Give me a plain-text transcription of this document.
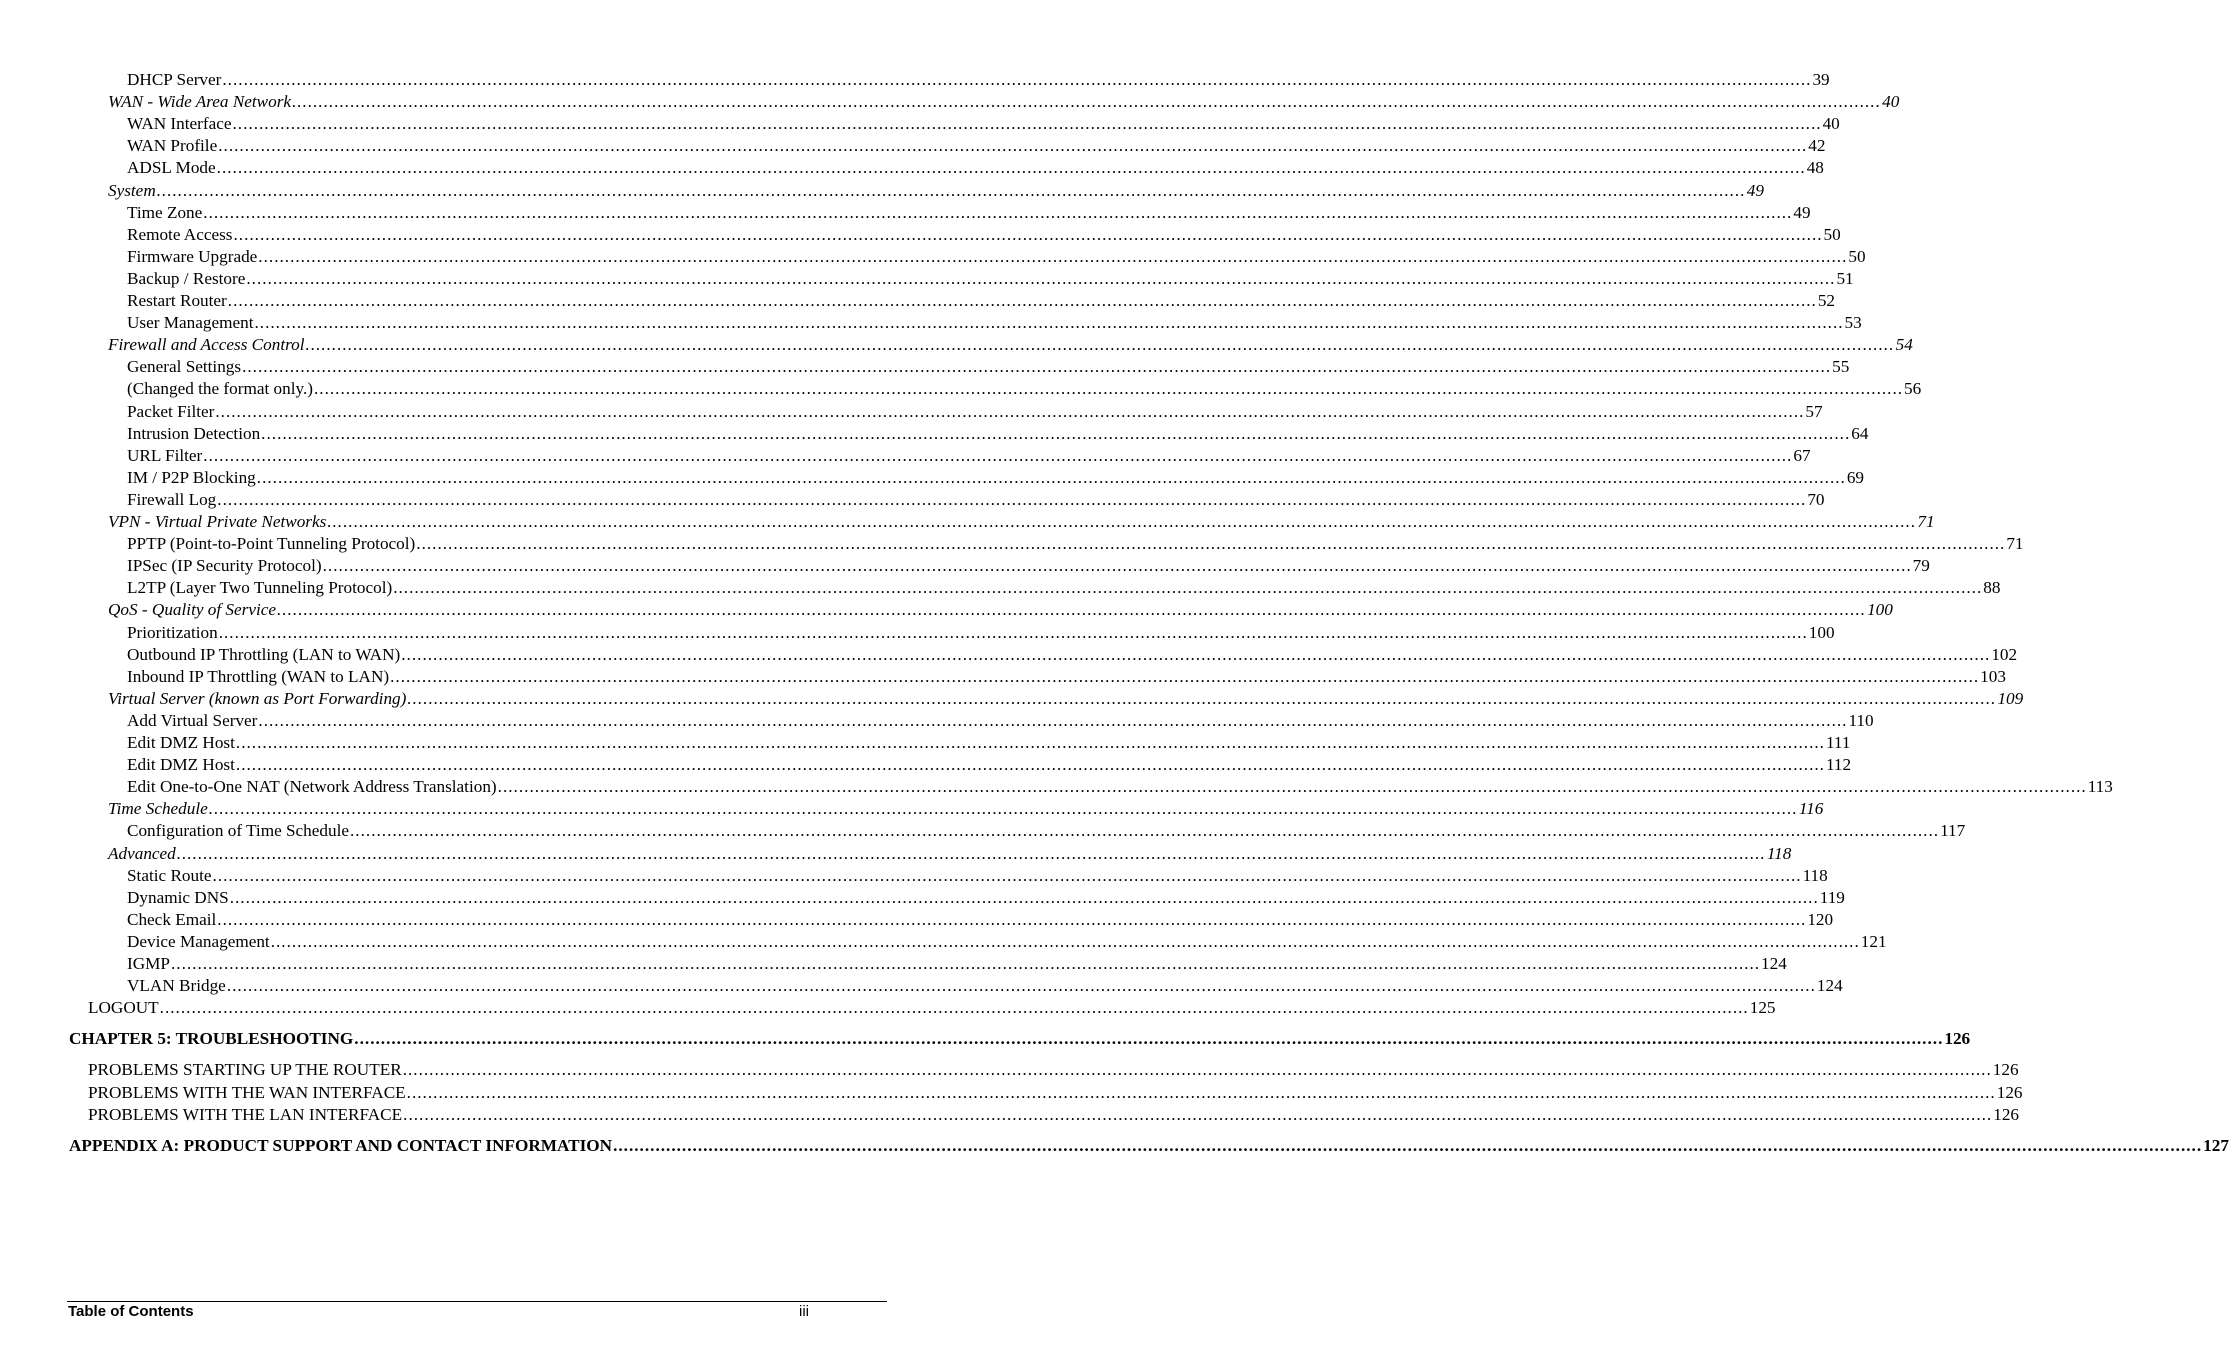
DHCP Server ............................................................................................................................................................................................................................................................................................................ 39
WAN - Wide Area Network ............................................................................................................................................................................................................................................................................................................ 40
WAN Interface ............................................................................................................................................................................................................................................................................................................ 40
WAN Profile ............................................................................................................................................................................................................................................................................................................ 42
ADSL Mode ............................................................................................................................................................................................................................................................................................................ 48
System ............................................................................................................................................................................................................................................................................................................ 49
Time Zone ............................................................................................................................................................................................................................................................................................................ 49
Remote Access ............................................................................................................................................................................................................................................................................................................ 50
Firmware Upgrade ............................................................................................................................................................................................................................................................................................................ 50
Backup / Restore ............................................................................................................................................................................................................................................................................................................ 51
Restart Router ............................................................................................................................................................................................................................................................................................................ 52
User Management ............................................................................................................................................................................................................................................................................................................ 53
Firewall and Access Control ............................................................................................................................................................................................................................................................................................................ 54
General Settings ............................................................................................................................................................................................................................................................................................................ 55
(Changed the format only.) ............................................................................................................................................................................................................................................................................................................ 56
Packet Filter ............................................................................................................................................................................................................................................................................................................ 57
Intrusion Detection ............................................................................................................................................................................................................................................................................................................ 64
URL Filter ............................................................................................................................................................................................................................................................................................................ 67
IM / P2P Blocking ............................................................................................................................................................................................................................................................................................................ 69
Firewall Log ............................................................................................................................................................................................................................................................................................................ 70
VPN - Virtual Private Networks ............................................................................................................................................................................................................................................................................................................ 71
PPTP (Point-to-Point Tunneling Protocol) ............................................................................................................................................................................................................................................................................................................ 71
IPSec (IP Security Protocol) ............................................................................................................................................................................................................................................................................................................ 79
L2TP (Layer Two Tunneling Protocol) ............................................................................................................................................................................................................................................................................................................ 88
QoS - Quality of Service ............................................................................................................................................................................................................................................................................................................ 100
Prioritization ............................................................................................................................................................................................................................................................................................................ 100
Outbound IP Throttling (LAN to WAN) ............................................................................................................................................................................................................................................................................................................ 102
Inbound IP Throttling (WAN to LAN) ............................................................................................................................................................................................................................................................................................................ 103
Virtual Server (known as Port Forwarding) ............................................................................................................................................................................................................................................................................................................ 109
Add Virtual Server ............................................................................................................................................................................................................................................................................................................ 110
Edit DMZ Host ............................................................................................................................................................................................................................................................................................................ 111
Edit DMZ Host ............................................................................................................................................................................................................................................................................................................ 112
Edit One-to-One NAT (Network Address Translation) ............................................................................................................................................................................................................................................................................................................ 113
Time Schedule ............................................................................................................................................................................................................................................................................................................ 116
Configuration of Time Schedule ............................................................................................................................................................................................................................................................................................................ 117
Advanced ............................................................................................................................................................................................................................................................................................................ 118
Static Route ............................................................................................................................................................................................................................................................................................................ 118
Dynamic DNS ............................................................................................................................................................................................................................................................................................................ 119
Check Email ............................................................................................................................................................................................................................................................................................................ 120
Device Management ............................................................................................................................................................................................................................................................................................................ 121
IGMP ............................................................................................................................................................................................................................................................................................................ 124
VLAN Bridge ............................................................................................................................................................................................................................................................................................................ 124
LOGOUT ............................................................................................................................................................................................................................................................................................................ 125
CHAPTER 5: TROUBLESHOOTING ............................................................................................................................................................................................................................................................................................................ 126
PROBLEMS STARTING UP THE ROUTER ............................................................................................................................................................................................................................................................................................................ 126
PROBLEMS WITH THE WAN INTERFACE ............................................................................................................................................................................................................................................................................................................ 126
PROBLEMS WITH THE LAN INTERFACE ............................................................................................................................................................................................................................................................................................................ 126
APPENDIX A: PRODUCT SUPPORT AND CONTACT INFORMATION ............................................................................................................................................................................................................................................................................................................ 127
Table of Contents	iii
